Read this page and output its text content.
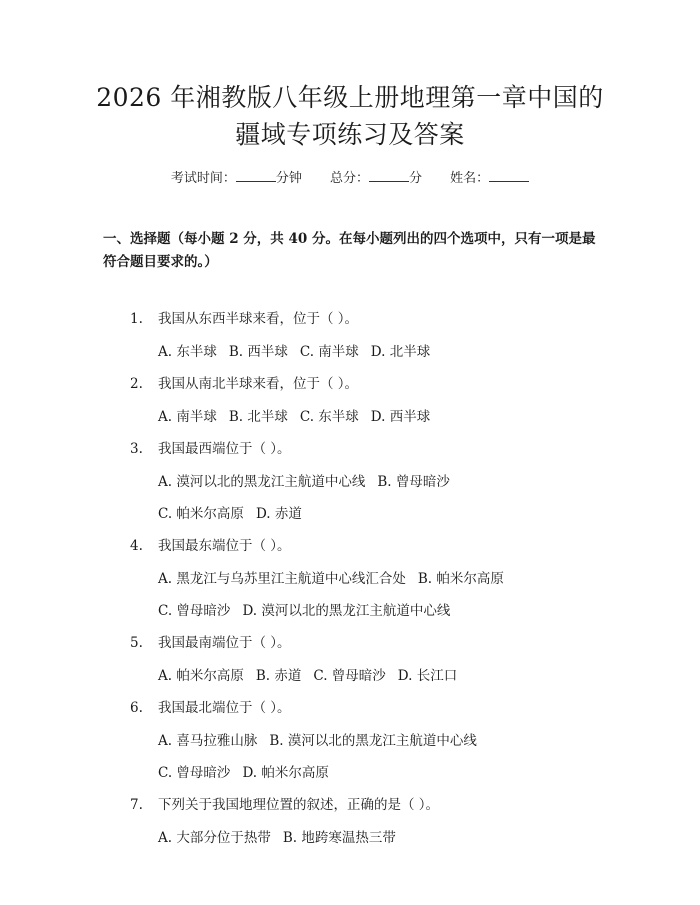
2026 年湘教版八年级上册地理第一章中国的
疆域专项练习及答案
考试时间：	分钟 总分：	分 姓名：
一、选择题（每小题 2 分，共 40 分。在每小题列出的四个选项中，只有一项是最符合题目要求的。）
1. 我国从东西半球来看，位于（ ）。
A. 东半球 B. 西半球 C. 南半球 D. 北半球
2. 我国从南北半球来看，位于（ ）。
A. 南半球 B. 北半球 C. 东半球 D. 西半球
3. 我国最西端位于（ ）。
A. 漠河以北的黑龙江主航道中心线 B. 曾母暗沙
C. 帕米尔高原 D. 赤道
4. 我国最东端位于（ ）。
A. 黑龙江与乌苏里江主航道中心线汇合处 B. 帕米尔高原
C. 曾母暗沙 D. 漠河以北的黑龙江主航道中心线
5. 我国最南端位于（ ）。
A. 帕米尔高原 B. 赤道 C. 曾母暗沙 D. 长江口
6. 我国最北端位于（ ）。
A. 喜马拉雅山脉 B. 漠河以北的黑龙江主航道中心线
C. 曾母暗沙 D. 帕米尔高原
7. 下列关于我国地理位置的叙述，正确的是（ ）。
A. 大部分位于热带 B. 地跨寒温热三带
